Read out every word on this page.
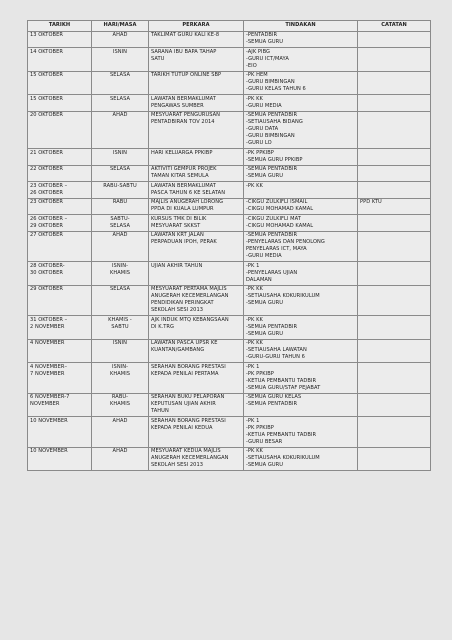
TARIKH	HARI/MASA	PERKARA	TINDAKAN	CATATAN
13 OKTOBER	AHAD	TAKLIMAT GURU KALI KE-8	-PENTADBIR
-SEMUA GURU	
14 OKTOBER	ISNIN	SARANA IBU BAPA TAHAP
SATU	-AJK PIBG
-GURU ICT/MAYA
-EIO	
15 OKTOBER	SELASA	TARIKH TUTUP ONLINE SBP	-PK HEM
-GURU BIMBINGAN
-GURU KELAS TAHUN 6	
15 OKTOBER	SELASA	LAWATAN BERMAKLUMAT
PENGAWAS SUMBER	-PK KK
-GURU MEDIA	
20 OKTOBER	AHAD	MESYUARAT PENGURUSAN
PENTADBIRAN TOV 2014	-SEMUA PENTADBIR
-SETIAUSAHA BIDANG
-GURU DATA
-GURU BIMBINGAN
-GURU LO	
21 OKTOBER	ISNIN	HARI KELUARGA PPKIBP	-PK PPKIBP
-SEMUA GURU PPKIBP	
22 OKTOBER	SELASA	AKTIVITI GEMPUR PROJEK
TAMAN KITAR SEMULA	-SEMUA PENTADBIR
-SEMUA GURU	
23 OKTOBER –
26 OKTOBER	RABU-SABTU	LAWATAN BERMAKLUMAT
PASCA TAHUN 6 KE SELATAN	-PK KK	
23 OKTOBER	RABU	MAJLIS ANUGERAH LORONG
PPDA DI KUALA LUMPUR	-CIKGU ZULKIFLI ISMAIL
-CIKGU MOHAMAD KAMAL	PPD KTU
26 OKTOBER –
29 OKTOBER	SABTU-
SELASA	KURSUS TMK DI BILIK
MESYUARAT SKKST	-CIKGU ZULKIFLI MAT
-CIKGU MOHAMAD KAMAL	
27 OKTOBER	AHAD	LAWATAN KRT JALAN
PERPADUAN IPOH, PERAK	-SEMUA PENTADBIR
-PENYELARAS DAN PENOLONG
PENYELARAS ICT, MAYA
-GURU MEDIA	
28 OKTOBER-
30 OKTOBER	ISNIN-
KHAMIS	UJIAN AKHIR TAHUN	-PK 1
-PENYELARAS UJIAN
DALAMAN	
29 OKTOBER	SELASA	MESYUARAT PERTAMA MAJLIS
ANUGERAH KECEMERLANGAN
PENDIDIKAN PERINGKAT
SEKOLAH SESI 2013	-PK KK
-SETIAUSAHA KOKURIKULUM
-SEMUA GURU	
31 OKTOBER –
2 NOVEMBER	KHAMIS -
SABTU	AJK INDUK MTQ KEBANGSAAN
DI K.TRG	-PK KK
-SEMUA PENTADBIR
-SEMUA GURU	
4 NOVEMBER	ISNIN	LAWATAN PASCA UPSR KE
KUANTAN/GAMBANG	-PK KK
-SETIAUSAHA LAWATAN
-GURU-GURU TAHUN 6	
4 NOVEMBER–
7 NOVEMBER	ISNIN-
KHAMIS	SERAHAN BORANG PRESTASI
KEPADA PENILAI PERTAMA	-PK 1
-PK PPKIBP
-KETUA PEMBANTU TADBIR
-SEMUA GURU/STAF PEJABAT	
6 NOVEMBER-7
NOVEMBER	RABU-
KHAMIS	SERAHAN BUKU PELAPORAN
KEPUTUSAN UJIAN AKHIR
TAHUN	-SEMUA GURU KELAS
-SEMUA PENTADBIR	
10 NOVEMBER	AHAD	SERAHAN BORANG PRESTASI
KEPADA PENILAI KEDUA	-PK 1
-PK PPKIBP
-KETUA PEMBANTU TADBIR
-GURU BESAR	
10 NOVEMBER	AHAD	MESYUARAT KEDUA MAJLIS
ANUGERAH KECEMERLANGAN
SEKOLAH SESI 2013	-PK KK
-SETIAUSAHA KOKURIKULUM
-SEMUA GURU	
